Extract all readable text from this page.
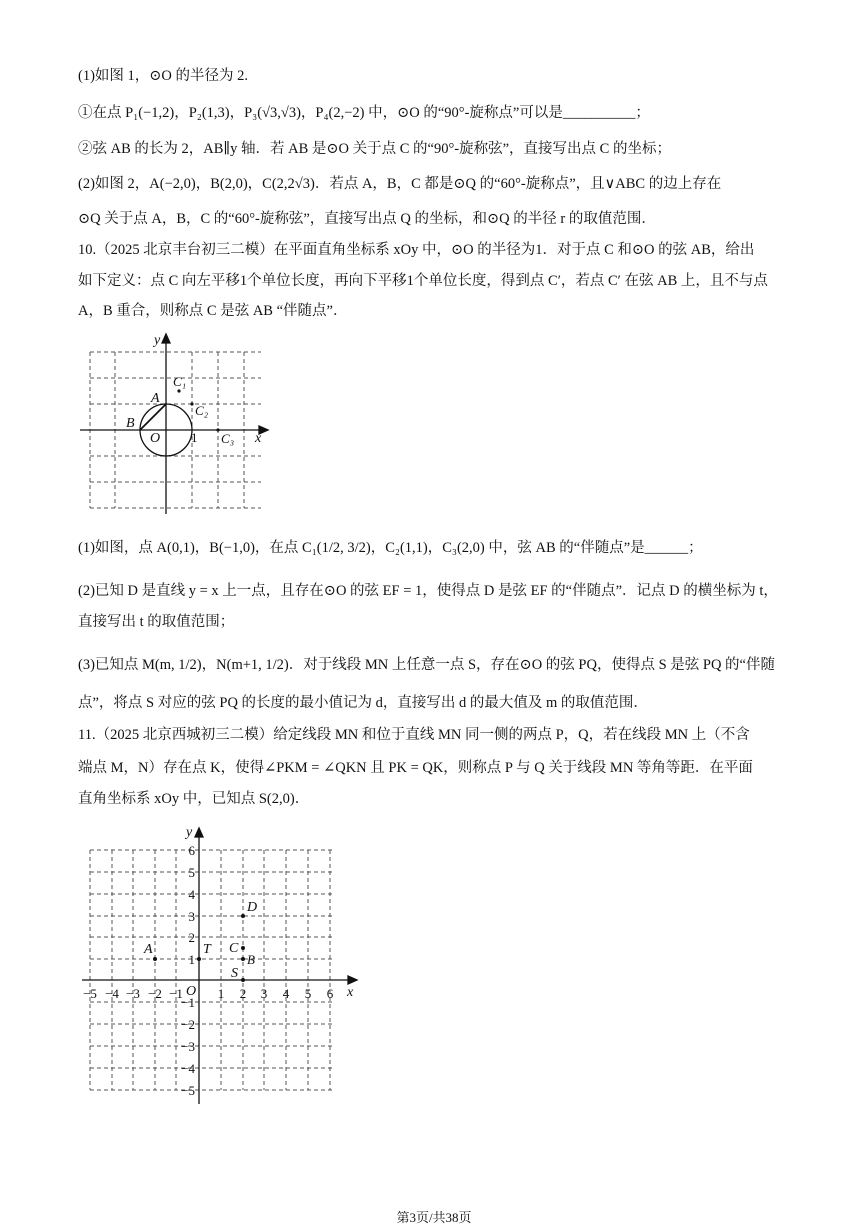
(1)如图 1，⊙O 的半径为 2.
①在点 P₁(−1,2)，P₂(1,3)，P₃(√3,√3)，P₄(2,−2) 中，⊙O 的“90°-旋称点”可以是__________；
②弦 AB 的长为 2，AB∥y 轴．若 AB 是⊙O 关于点 C 的“90°-旋称弦”，直接写出点 C 的坐标；
(2)如图 2，A(−2,0)，B(2,0)，C(2,2√3)．若点 A，B，C 都是⊙Q 的“60°-旋称点”，且∨ABC 的边上存在
⊙Q 关于点 A，B，C 的“60°-旋称弦”，直接写出点 Q 的坐标，和⊙Q 的半径 r 的取值范围．
10.（2025 北京丰台初三二模）在平面直角坐标系 xOy 中，⊙O 的半径为1．对于点 C 和⊙O 的弦 AB，给出
如下定义：点 C 向左平移1个单位长度，再向下平移1个单位长度，得到点 C′，若点 C′ 在弦 AB 上，且不与点
A，B 重合，则称点 C 是弦 AB “伴随点”．
y
x
O 1
A
B
C₁
C₂
C₃
(1)如图，点 A(0,1)，B(−1,0)，在点 C₁(1/2, 3/2)，C₂(1,1)，C₃(2,0) 中，弦 AB 的“伴随点”是______；
(2)已知 D 是直线 y = x 上一点，且存在⊙O 的弦 EF = 1，使得点 D 是弦 EF 的“伴随点”．记点 D 的横坐标为 t，
直接写出 t 的取值范围；
(3)已知点 M(m, 1/2)，N(m+1, 1/2)．对于线段 MN 上任意一点 S，存在⊙O 的弦 PQ，使得点 S 是弦 PQ 的“伴随
点”，将点 S 对应的弦 PQ 的长度的最小值记为 d，直接写出 d 的最大值及 m 的取值范围．
11.（2025 北京西城初三二模）给定线段 MN 和位于直线 MN 同一侧的两点 P，Q，若在线段 MN 上（不含
端点 M，N）存在点 K，使得∠PKM = ∠QKN 且 PK = QK，则称点 P 与 Q 关于线段 MN 等角等距．在平面
直角坐标系 xOy 中，已知点 S(2,0)．
y
x
O
A	T
B
C
D
S
−5 −4 −3 −2 −1	1 2 3 4 5 6
6
5
4
3
2
1
−1
−2
−3
−4
−5
第3页/共38页
